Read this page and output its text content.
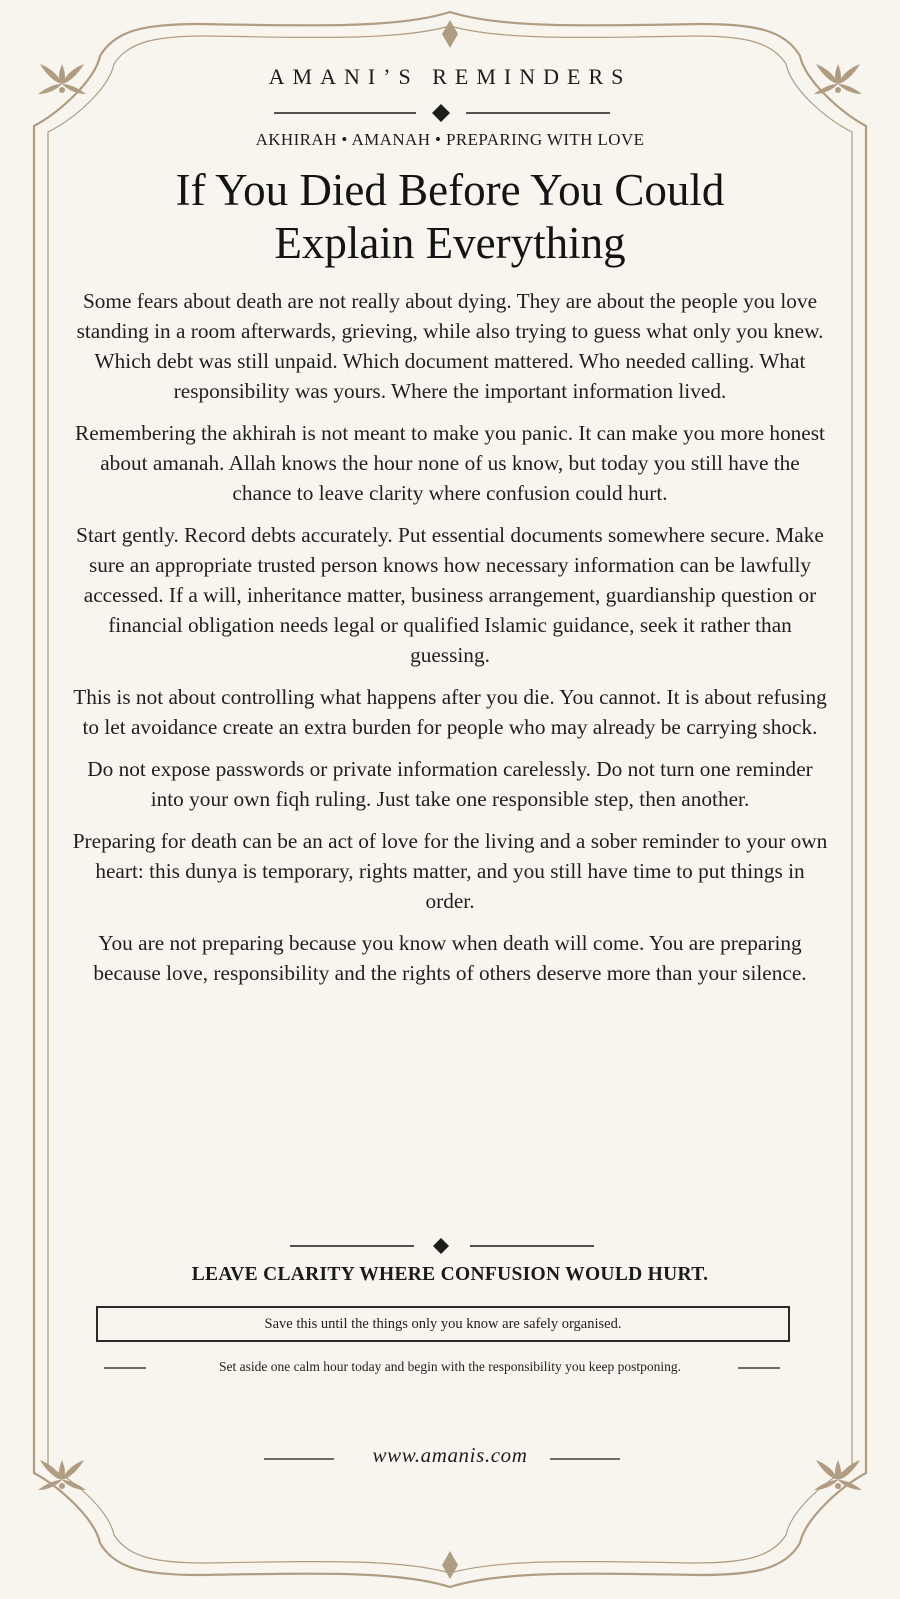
AMANI’S REMINDERS
AKHIRAH • AMANAH • PREPARING WITH LOVE
If You Died Before You Could
Explain Everything

Some fears about death are not really about dying. They are about the people you love standing in a room afterwards, grieving, while also trying to guess what only you knew. Which debt was still unpaid. Which document mattered. Who needed calling. What responsibility was yours. Where the important information lived.

Remembering the akhirah is not meant to make you panic. It can make you more honest about amanah. Allah knows the hour none of us know, but today you still have the chance to leave clarity where confusion could hurt.

Start gently. Record debts accurately. Put essential documents somewhere secure. Make sure an appropriate trusted person knows how necessary information can be lawfully accessed. If a will, inheritance matter, business arrangement, guardianship question or financial obligation needs legal or qualified Islamic guidance, seek it rather than guessing.

This is not about controlling what happens after you die. You cannot. It is about refusing to let avoidance create an extra burden for people who may already be carrying shock.

Do not expose passwords or private information carelessly. Do not turn one reminder into your own fiqh ruling. Just take one responsible step, then another.

Preparing for death can be an act of love for the living and a sober reminder to your own heart: this dunya is temporary, rights matter, and you still have time to put things in order.

You are not preparing because you know when death will come. You are preparing because love, responsibility and the rights of others deserve more than your silence.

LEAVE CLARITY WHERE CONFUSION WOULD HURT.
Save this until the things only you know are safely organised.
Set aside one calm hour today and begin with the responsibility you keep postponing.
www.amanis.com
